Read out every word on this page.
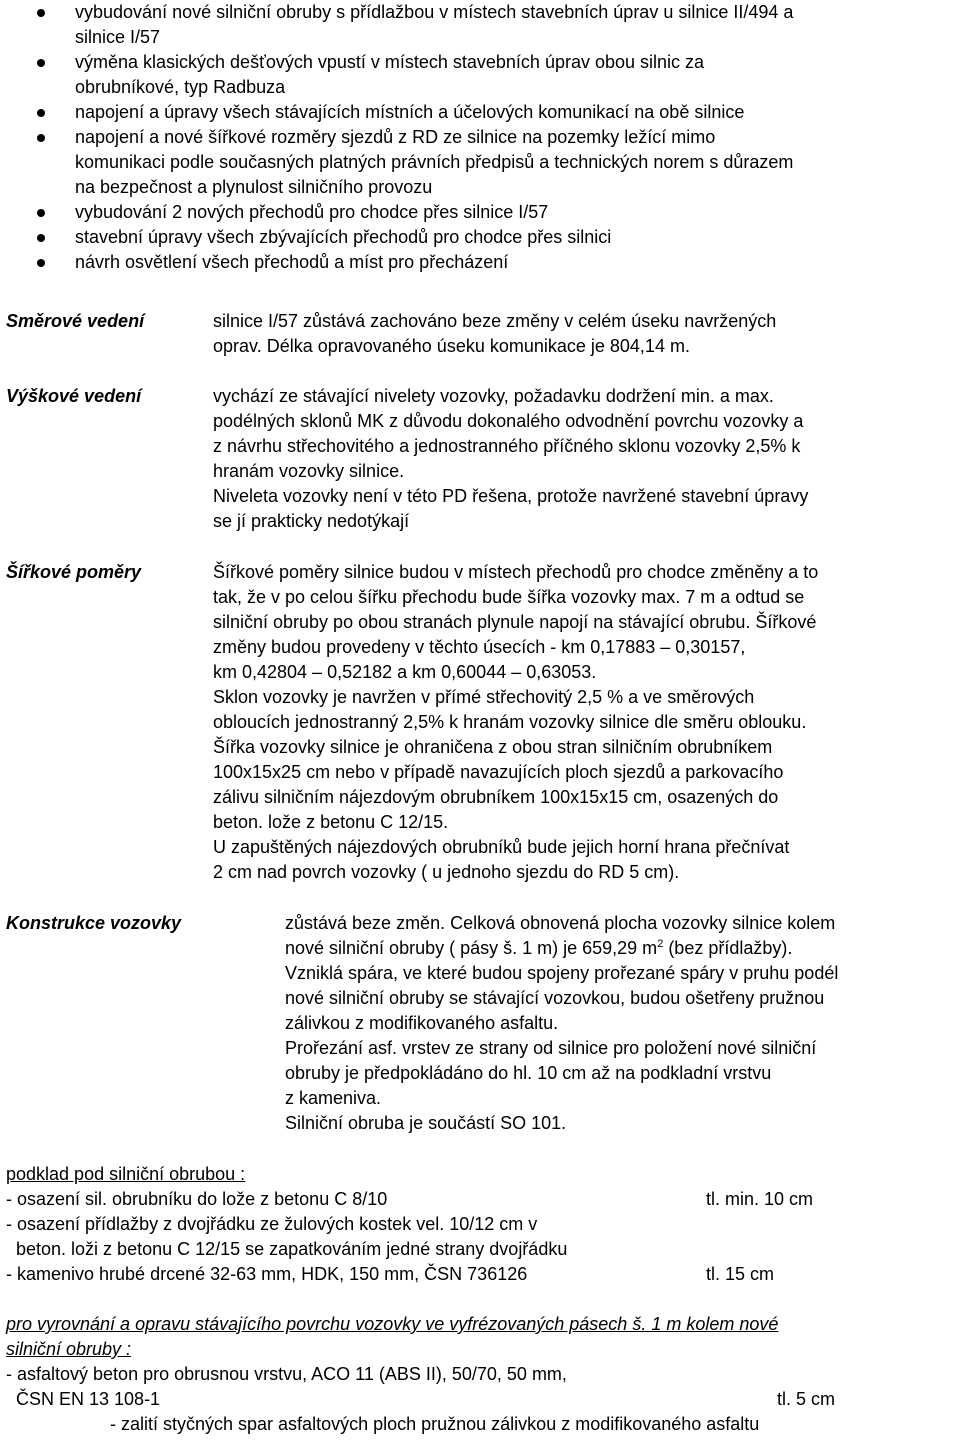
vybudování nové silniční obruby s přídlažbou v místech stavebních úprav u silnice II/494 a
silnice I/57
výměna klasických dešťových vpustí v místech stavebních úprav obou silnic za
obrubníkové, typ Radbuza
napojení a úpravy všech stávajících místních a účelových komunikací na obě silnice
napojení a nové šířkové rozměry sjezdů z RD ze silnice na pozemky ležící mimo
komunikaci podle současných platných právních předpisů a technických norem s důrazem
na bezpečnost a plynulost silničního provozu
vybudování 2 nových přechodů pro chodce přes silnice I/57
stavební úpravy všech zbývajících přechodů pro chodce přes silnici
návrh osvětlení všech přechodů a míst pro přecházení
Směrové vedení	silnice I/57 zůstává zachováno beze změny v celém úseku navržených
oprav. Délka opravovaného úseku komunikace je 804,14 m.
Výškové vedení	vychází ze stávající nivelety vozovky, požadavku dodržení min. a max.
podélných sklonů MK z důvodu dokonalého odvodnění povrchu vozovky a
z návrhu střechovitého a jednostranného příčného sklonu vozovky 2,5% k
hranám vozovky silnice.
Niveleta vozovky není v této PD řešena, protože navržené stavební úpravy
se jí prakticky nedotýkají
Šířkové poměry	Šířkové poměry silnice budou v místech přechodů pro chodce změněny a to
tak, že v po celou šířku přechodu bude šířka vozovky max. 7 m a odtud se
silniční obruby po obou stranách plynule napojí na stávající obrubu. Šířkové
změny budou provedeny v těchto úsecích - km 0,17883 – 0,30157,
km 0,42804 – 0,52182 a km 0,60044 – 0,63053.
Sklon vozovky je navržen v přímé střechovitý 2,5 % a ve směrových
obloucích jednostranný 2,5% k hranám vozovky silnice dle směru oblouku.
Šířka vozovky silnice je ohraničena z obou stran silničním obrubníkem
100x15x25 cm nebo v případě navazujících ploch sjezdů a parkovacího
zálivu silničním nájezdovým obrubníkem 100x15x15 cm, osazených do
beton. lože z betonu C 12/15.
U zapuštěných nájezdových obrubníků bude jejich horní hrana přečnívat
2 cm nad povrch vozovky ( u jednoho sjezdu do RD 5 cm).
Konstrukce vozovky	zůstává beze změn. Celková obnovená plocha vozovky silnice kolem
nové silniční obruby ( pásy š. 1 m) je 659,29 $m^2$ (bez přídlažby).
Vzniklá spára, ve které budou spojeny prořezané spáry v pruhu podél
nové silniční obruby se stávající vozovkou, budou ošetřeny pružnou
zálivkou z modifikovaného asfaltu.
Prořezání asf. vrstev ze strany od silnice pro položení nové silniční
obruby je předpokládáno do hl. 10 cm až na podkladní vrstvu
z kameniva.
Silniční obruba je součástí SO 101.
podklad pod silniční obrubou :
- osazení sil. obrubníku do lože z betonu C 8/10	tl. min. 10 cm
- osazení přídlažby z dvojřádku ze žulových kostek vel. 10/12 cm v
beton. loži z betonu C 12/15 se zapatkováním jedné strany dvojřádku
- kamenivo hrubé drcené 32-63 mm, HDK, 150 mm, ČSN 736126	tl. 15 cm
pro vyrovnání a opravu stávajícího povrchu vozovky ve vyfrézovaných pásech š. 1 m kolem nové
silniční obruby :
- asfaltový beton pro obrusnou vrstvu, ACO 11 (ABS II), 50/70, 50 mm,
ČSN EN 13 108-1	tl. 5 cm
- zalití styčných spar asfaltových ploch pružnou zálivkou z modifikovaného asfaltu
